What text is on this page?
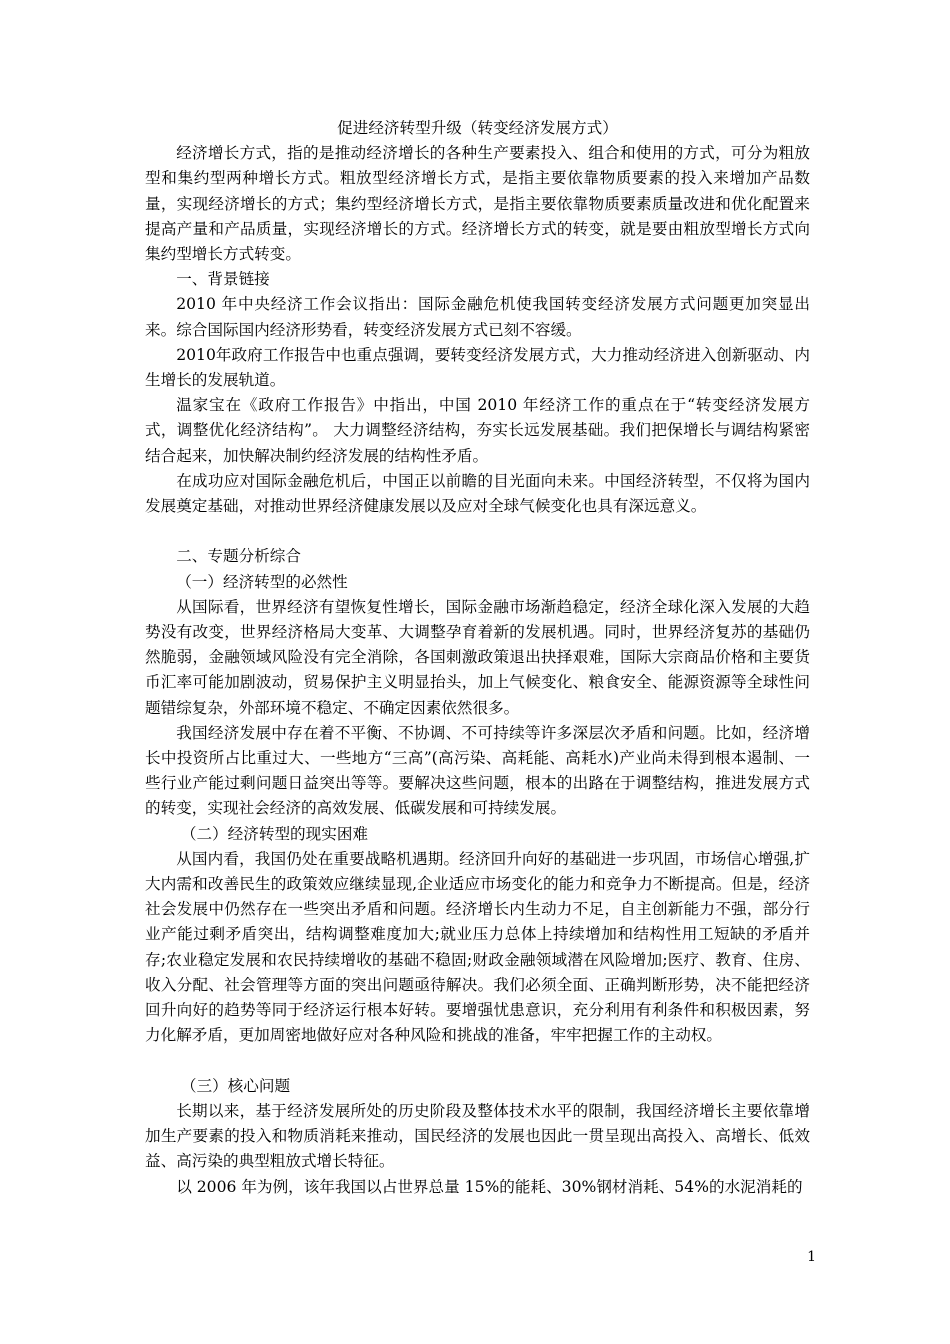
促进经济转型升级（转变经济发展方式）

经济增长方式，指的是推动经济增长的各种生产要素投入、组合和使用的方式，可分为粗放型和集约型两种增长方式。粗放型经济增长方式，是指主要依靠物质要素的投入来增加产品数量，实现经济增长的方式；集约型经济增长方式，是指主要依靠物质要素质量改进和优化配置来提高产量和产品质量，实现经济增长的方式。经济增长方式的转变，就是要由粗放型增长方式向集约型增长方式转变。

一、背景链接

2010 年中央经济工作会议指出：国际金融危机使我国转变经济发展方式问题更加突显出来。综合国际国内经济形势看，转变经济发展方式已刻不容缓。

2010年政府工作报告中也重点强调，要转变经济发展方式，大力推动经济进入创新驱动、内生增长的发展轨道。

温家宝在《政府工作报告》中指出，中国 2010 年经济工作的重点在于“转变经济发展方式，调整优化经济结构”。 大力调整经济结构，夯实长远发展基础。我们把保增长与调结构紧密结合起来，加快解决制约经济发展的结构性矛盾。

在成功应对国际金融危机后，中国正以前瞻的目光面向未来。中国经济转型，不仅将为国内发展奠定基础，对推动世界经济健康发展以及应对全球气候变化也具有深远意义。

二、专题分析综合

（一）经济转型的必然性

从国际看，世界经济有望恢复性增长，国际金融市场渐趋稳定，经济全球化深入发展的大趋势没有改变，世界经济格局大变革、大调整孕育着新的发展机遇。同时，世界经济复苏的基础仍然脆弱，金融领域风险没有完全消除，各国刺激政策退出抉择艰难，国际大宗商品价格和主要货币汇率可能加剧波动，贸易保护主义明显抬头，加上气候变化、粮食安全、能源资源等全球性问题错综复杂，外部环境不稳定、不确定因素依然很多。

我国经济发展中存在着不平衡、不协调、不可持续等许多深层次矛盾和问题。比如，经济增长中投资所占比重过大、一些地方“三高”(高污染、高耗能、高耗水)产业尚未得到根本遏制、一些行业产能过剩问题日益突出等等。要解决这些问题，根本的出路在于调整结构，推进发展方式的转变，实现社会经济的高效发展、低碳发展和可持续发展。

（二）经济转型的现实困难

从国内看，我国仍处在重要战略机遇期。经济回升向好的基础进一步巩固，市场信心增强,扩大内需和改善民生的政策效应继续显现,企业适应市场变化的能力和竞争力不断提高。但是，经济社会发展中仍然存在一些突出矛盾和问题。经济增长内生动力不足，自主创新能力不强，部分行业产能过剩矛盾突出，结构调整难度加大;就业压力总体上持续增加和结构性用工短缺的矛盾并存;农业稳定发展和农民持续增收的基础不稳固;财政金融领域潜在风险增加;医疗、教育、住房、收入分配、社会管理等方面的突出问题亟待解决。我们必须全面、正确判断形势，决不能把经济回升向好的趋势等同于经济运行根本好转。要增强忧患意识，充分利用有利条件和积极因素，努力化解矛盾，更加周密地做好应对各种风险和挑战的准备，牢牢把握工作的主动权。

（三）核心问题

长期以来，基于经济发展所处的历史阶段及整体技术水平的限制，我国经济增长主要依靠增加生产要素的投入和物质消耗来推动，国民经济的发展也因此一贯呈现出高投入、高增长、低效益、高污染的典型粗放式增长特征。

以 2006 年为例，该年我国以占世界总量 15%的能耗、30%钢材消耗、54%的水泥消耗的

1
